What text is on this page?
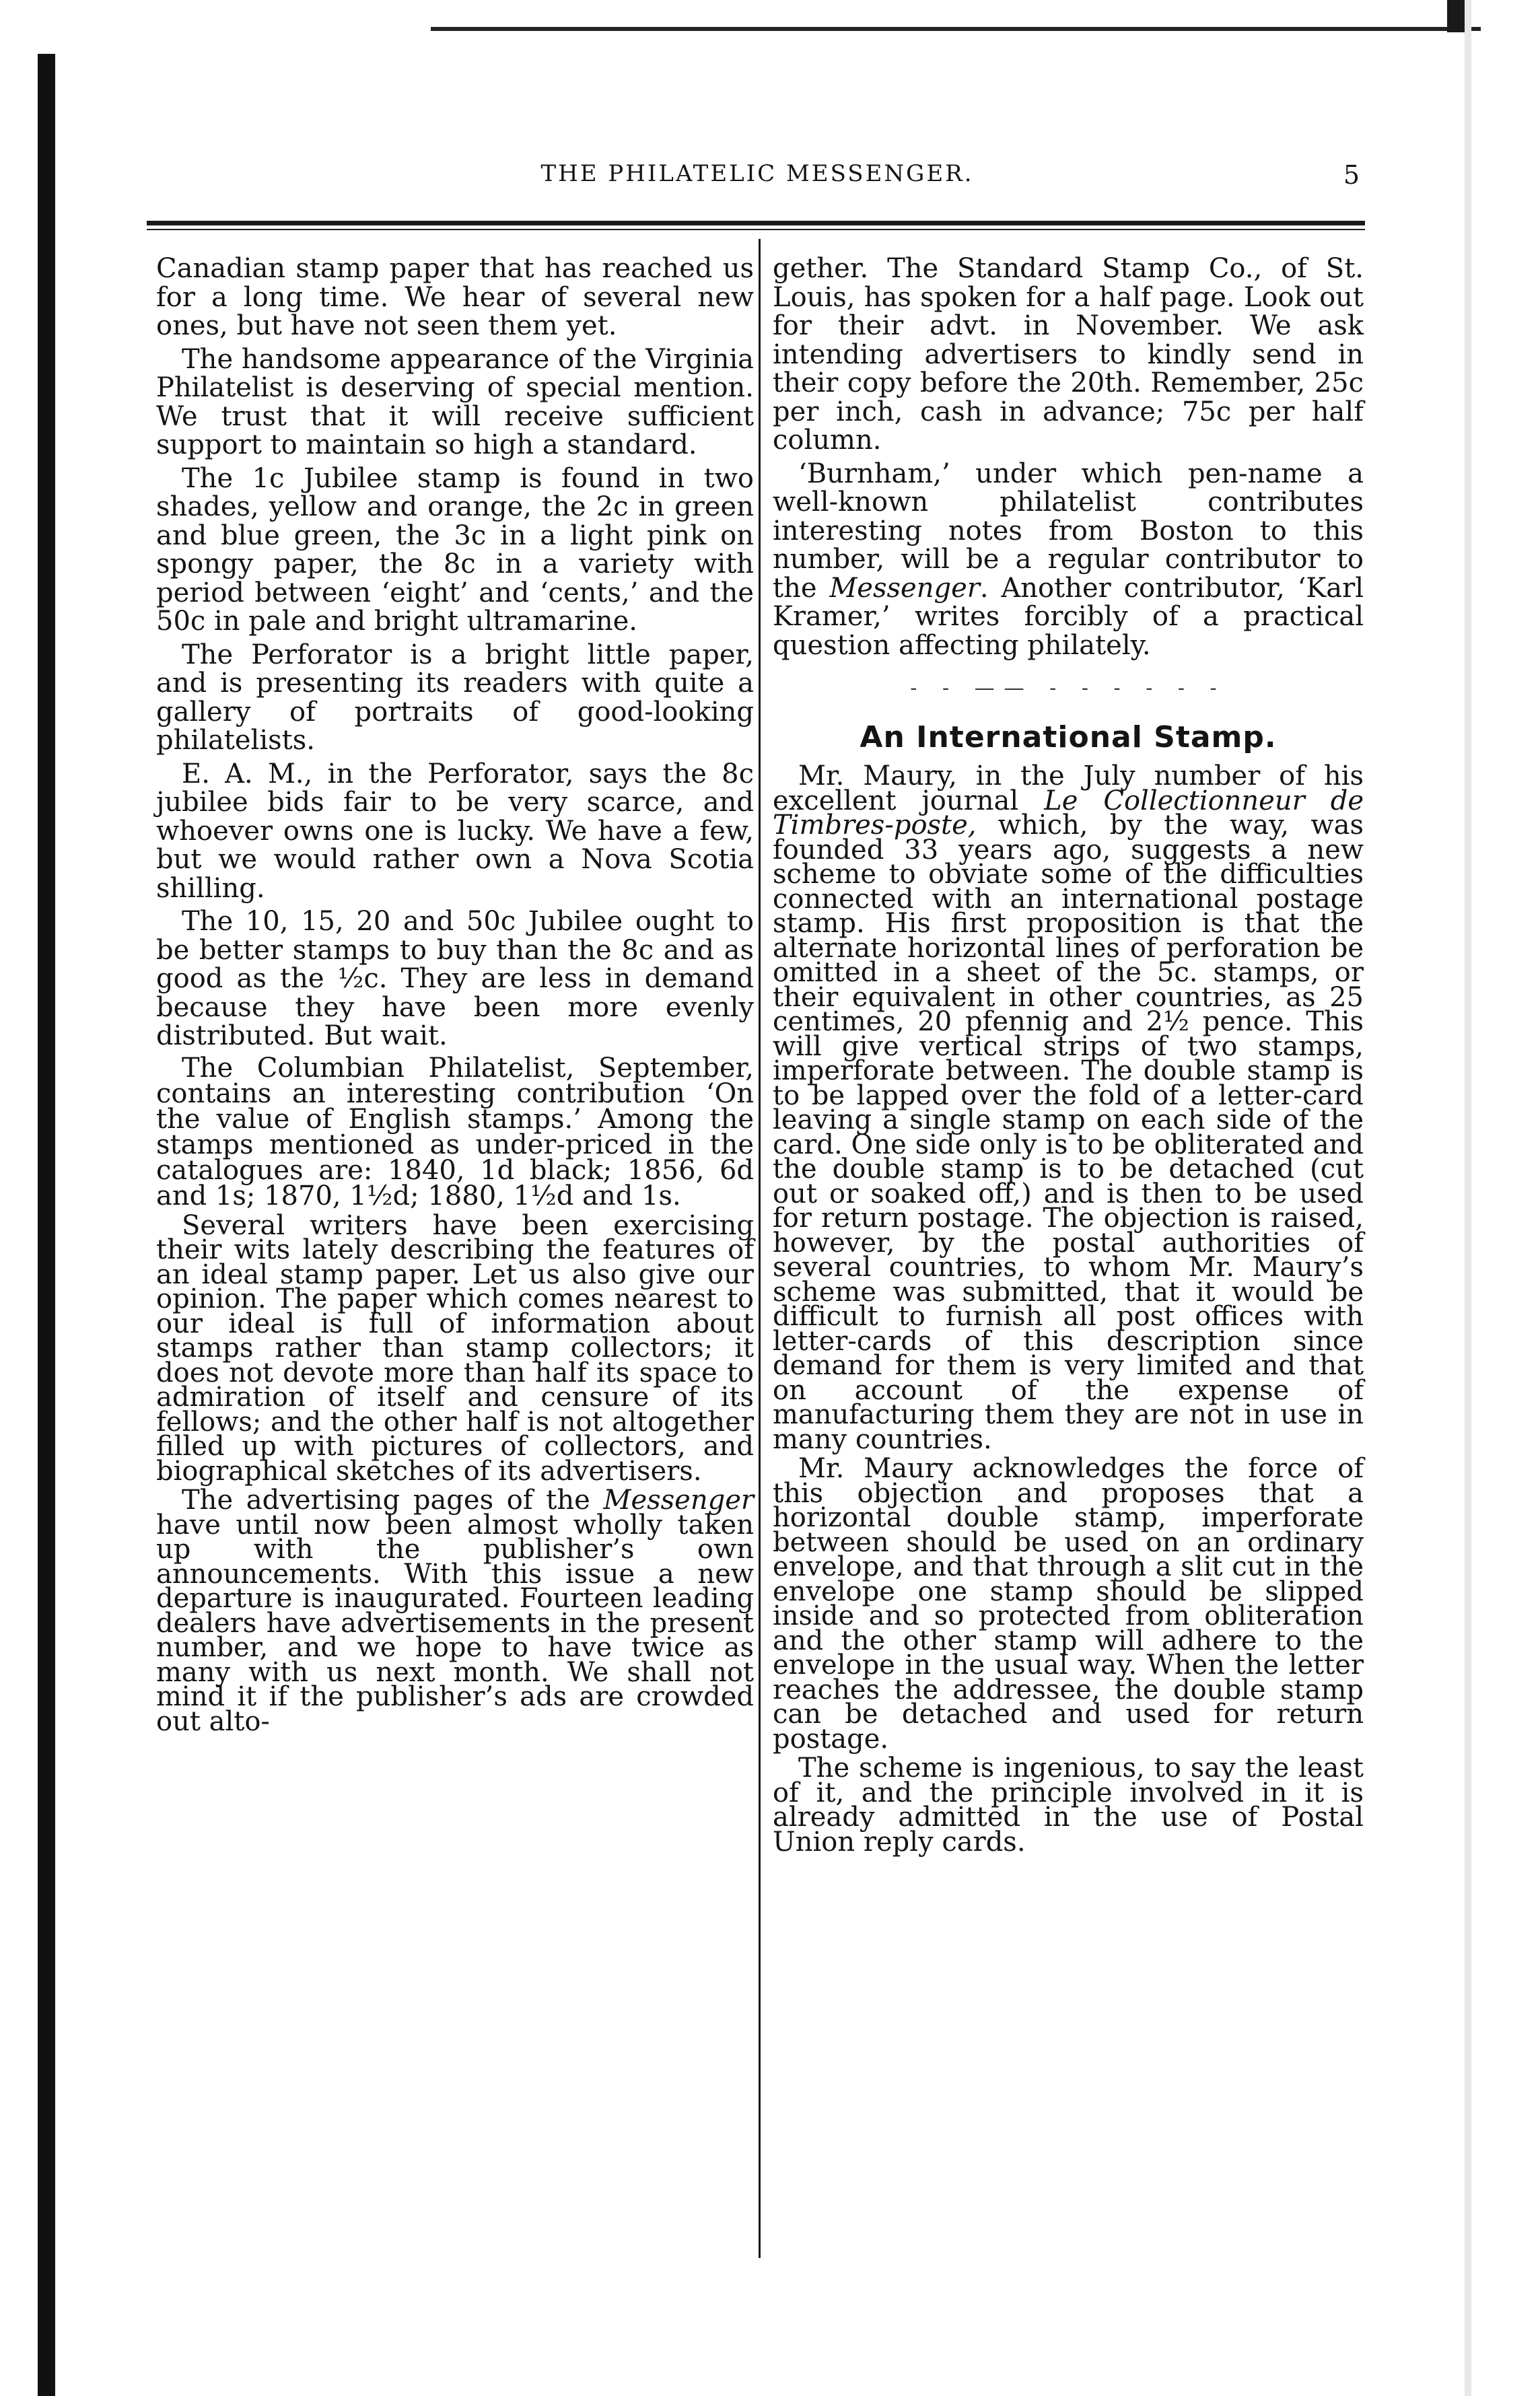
THE PHILATELIC MESSENGER.	5

Canadian stamp paper that has reached us for a long time. We hear of several new ones, but have not seen them yet.

The handsome appearance of the Virginia Philatelist is deserving of special mention. We trust that it will receive sufficient support to maintain so high a standard.

The 1c Jubilee stamp is found in two shades, yellow and orange, the 2c in green and blue green, the 3c in a light pink on spongy paper, the 8c in a variety with period between ‘eight’ and ‘cents,’ and the 50c in pale and bright ultramarine.

The Perforator is a bright little paper, and is presenting its readers with quite a gallery of portraits of good-looking philatelists.

E. A. M., in the Perforator, says the 8c jubilee bids fair to be very scarce, and whoever owns one is lucky. We have a few, but we would rather own a Nova Scotia shilling.

The 10, 15, 20 and 50c Jubilee ought to be better stamps to buy than the 8c and as good as the ½c. They are less in demand because they have been more evenly distributed. But wait.

The Columbian Philatelist, September, contains an interesting contribution ‘On the value of English stamps.’ Among the stamps mentioned as under-priced in the catalogues are: 1840, 1d black; 1856, 6d and 1s; 1870, 1½d; 1880, 1½d and 1s.

Several writers have been exercising their wits lately describing the features of an ideal stamp paper. Let us also give our opinion. The paper which comes nearest to our ideal is full of information about stamps rather than stamp collectors; it does not devote more than half its space to admiration of itself and censure of its fellows; and the other half is not altogether filled up with pictures of collectors, and biographical sketches of its advertisers.

The advertising pages of the Messenger have until now been almost wholly taken up with the publisher’s own announcements. With this issue a new departure is inaugurated. Fourteen leading dealers have advertisements in the present number, and we hope to have twice as many with us next month. We shall not mind it if the publisher’s ads are crowded out alto-

gether. The Standard Stamp Co., of St. Louis, has spoken for a half page. Look out for their advt. in November. We ask intending advertisers to kindly send in their copy before the 20th. Remember, 25c per inch, cash in advance; 75c per half column.

‘Burnham,’ under which pen-name a well-known philatelist contributes interesting notes from Boston to this number, will be a regular contributor to the Messenger. Another contributor, ‘Karl Kramer,’ writes forcibly of a practical question affecting philately.

- - —— - - - - - -
An International Stamp.

Mr. Maury, in the July number of his excellent journal Le Collectionneur de Timbres-poste, which, by the way, was founded 33 years ago, suggests a new scheme to obviate some of the difficulties connected with an international postage stamp. His first proposition is that the alternate horizontal lines of perforation be omitted in a sheet of the 5c. stamps, or their equivalent in other countries, as 25 centimes, 20 pfennig and 2½ pence. This will give vertical strips of two stamps, imperforate between. The double stamp is to be lapped over the fold of a letter-card leaving a single stamp on each side of the card. One side only is to be obliterated and the double stamp is to be detached (cut out or soaked off,) and is then to be used for return postage. The objection is raised, however, by the postal authorities of several countries, to whom Mr. Maury’s scheme was submitted, that it would be difficult to furnish all post offices with letter-cards of this description since demand for them is very limited and that on account of the expense of manufacturing them they are not in use in many countries.

Mr. Maury acknowledges the force of this objection and proposes that a horizontal double stamp, imperforate between should be used on an ordinary envelope, and that through a slit cut in the envelope one stamp should be slipped inside and so protected from obliteration and the other stamp will adhere to the envelope in the usual way. When the letter reaches the addressee, the double stamp can be detached and used for return postage.

The scheme is ingenious, to say the least of it, and the principle involved in it is already admitted in the use of Postal Union reply cards.
